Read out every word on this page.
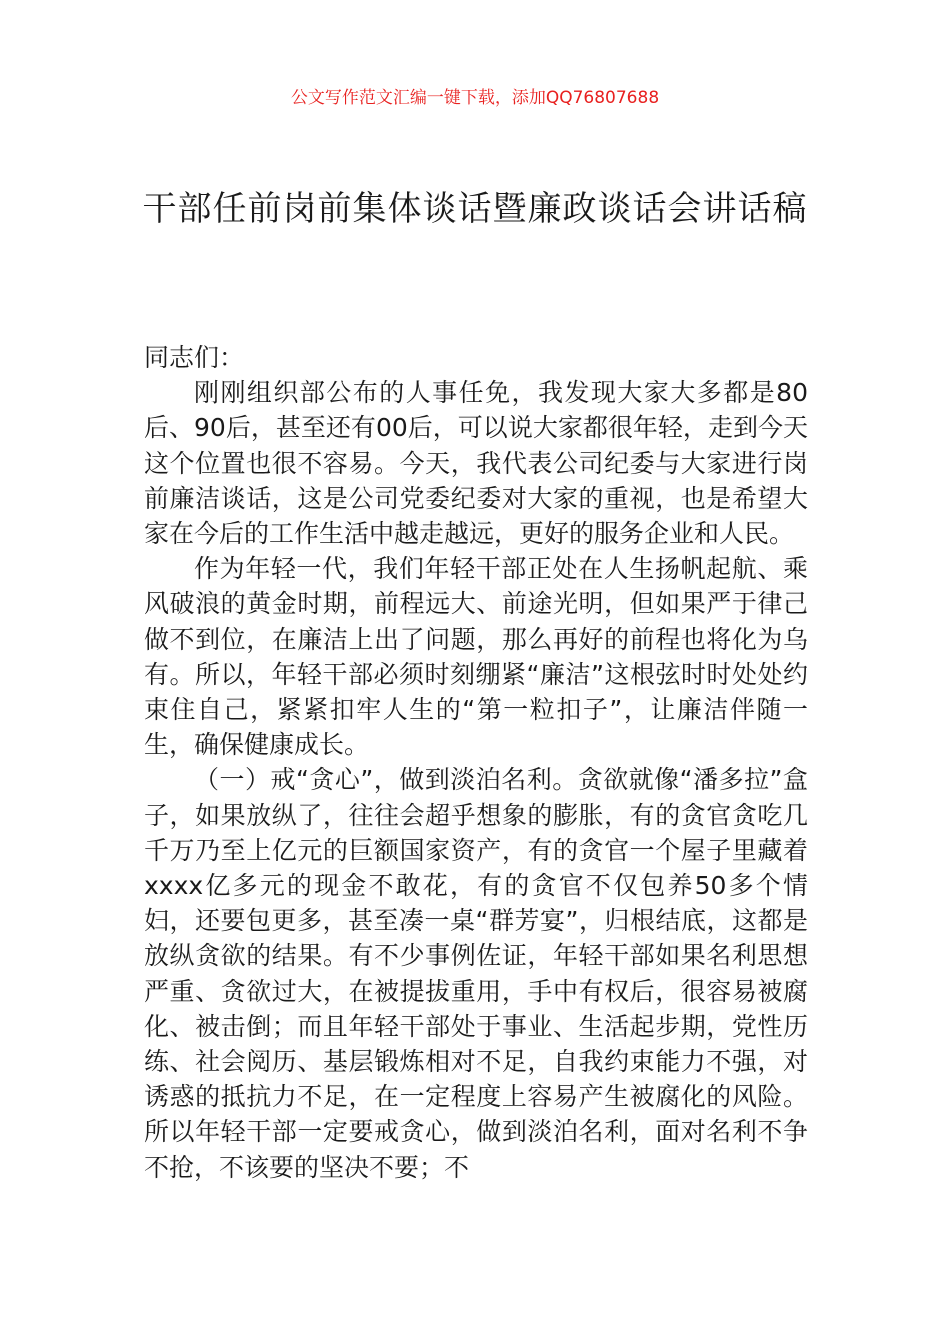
公文写作范文汇编一键下载，添加QQ76807688
干部任前岗前集体谈话暨廉政谈话会讲话稿

同志们：

刚刚组织部公布的人事任免，我发现大家大多都是80后、90后，甚至还有00后，可以说大家都很年轻，走到今天这个位置也很不容易。今天，我代表公司纪委与大家进行岗前廉洁谈话，这是公司党委纪委对大家的重视，也是希望大家在今后的工作生活中越走越远，更好的服务企业和人民。

作为年轻一代，我们年轻干部正处在人生扬帆起航、乘风破浪的黄金时期，前程远大、前途光明，但如果严于律己做不到位，在廉洁上出了问题，那么再好的前程也将化为乌有。所以，年轻干部必须时刻绷紧“廉洁”这根弦时时处处约束住自己，紧紧扣牢人生的“第一粒扣子”，让廉洁伴随一生，确保健康成长。

（一）戒“贪心”，做到淡泊名利。贪欲就像“潘多拉”盒子，如果放纵了，往往会超乎想象的膨胀，有的贪官贪吃几千万乃至上亿元的巨额国家资产，有的贪官一个屋子里藏着xxxx亿多元的现金不敢花，有的贪官不仅包养50多个情妇，还要包更多，甚至凑一桌“群芳宴”，归根结底，这都是放纵贪欲的结果。有不少事例佐证，年轻干部如果名利思想严重、贪欲过大，在被提拔重用，手中有权后，很容易被腐化、被击倒；而且年轻干部处于事业、生活起步期，党性历练、社会阅历、基层锻炼相对不足，自我约束能力不强，对诱惑的抵抗力不足，在一定程度上容易产生被腐化的风险。所以年轻干部一定要戒贪心，做到淡泊名利，面对名利不争不抢，不该要的坚决不要；不
